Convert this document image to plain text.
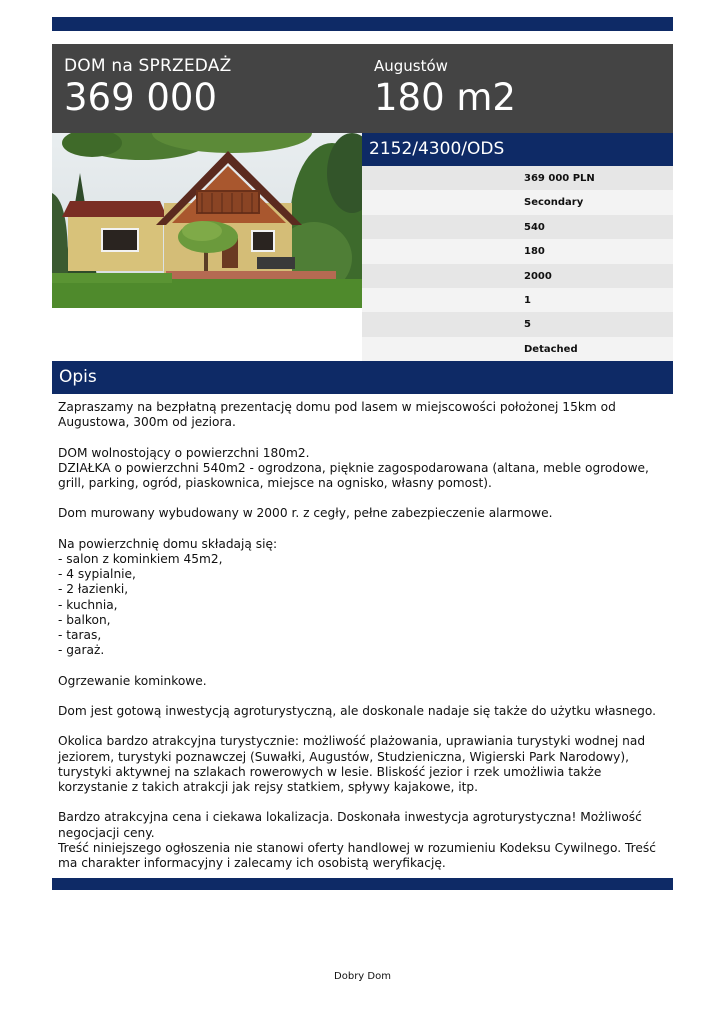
DOM na SPRZEDAŻ
369 000
Augustów
180 m2
2152/4300/ODS
369 000 PLN
Secondary
540
180
2000
1
5
Detached
Opis
Zapraszamy na bezpłatną prezentację domu pod lasem w miejscowości położonej 15km od Augustowa, 300m od jeziora.

DOM wolnostojący o powierzchni 180m2.
DZIAŁKA o powierzchni 540m2 - ogrodzona, pięknie zagospodarowana (altana, meble ogrodowe, grill, parking, ogród, piaskownica, miejsce na ognisko, własny pomost).

Dom murowany wybudowany w 2000 r. z cegły, pełne zabezpieczenie alarmowe.

Na powierzchnię domu składają się:
- salon z kominkiem 45m2,
- 4 sypialnie,
- 2 łazienki,
- kuchnia,
- balkon,
- taras,
- garaż.

Ogrzewanie kominkowe.

Dom jest gotową inwestycją agroturystyczną, ale doskonale nadaje się także do użytku własnego.

Okolica bardzo atrakcyjna turystycznie: możliwość plażowania, uprawiania turystyki wodnej nad jeziorem, turystyki poznawczej (Suwałki, Augustów, Studzieniczna, Wigierski Park Narodowy), turystyki aktywnej na szlakach rowerowych w lesie. Bliskość jezior i rzek umożliwia także korzystanie z takich atrakcji jak rejsy statkiem, spływy kajakowe, itp.

Bardzo atrakcyjna cena i ciekawa lokalizacja. Doskonała inwestycja agroturystyczna! Możliwość negocjacji ceny.
Treść niniejszego ogłoszenia nie stanowi oferty handlowej w rozumieniu Kodeksu Cywilnego. Treść ma charakter informacyjny i zalecamy ich osobistą weryfikację.
Dobry Dom
